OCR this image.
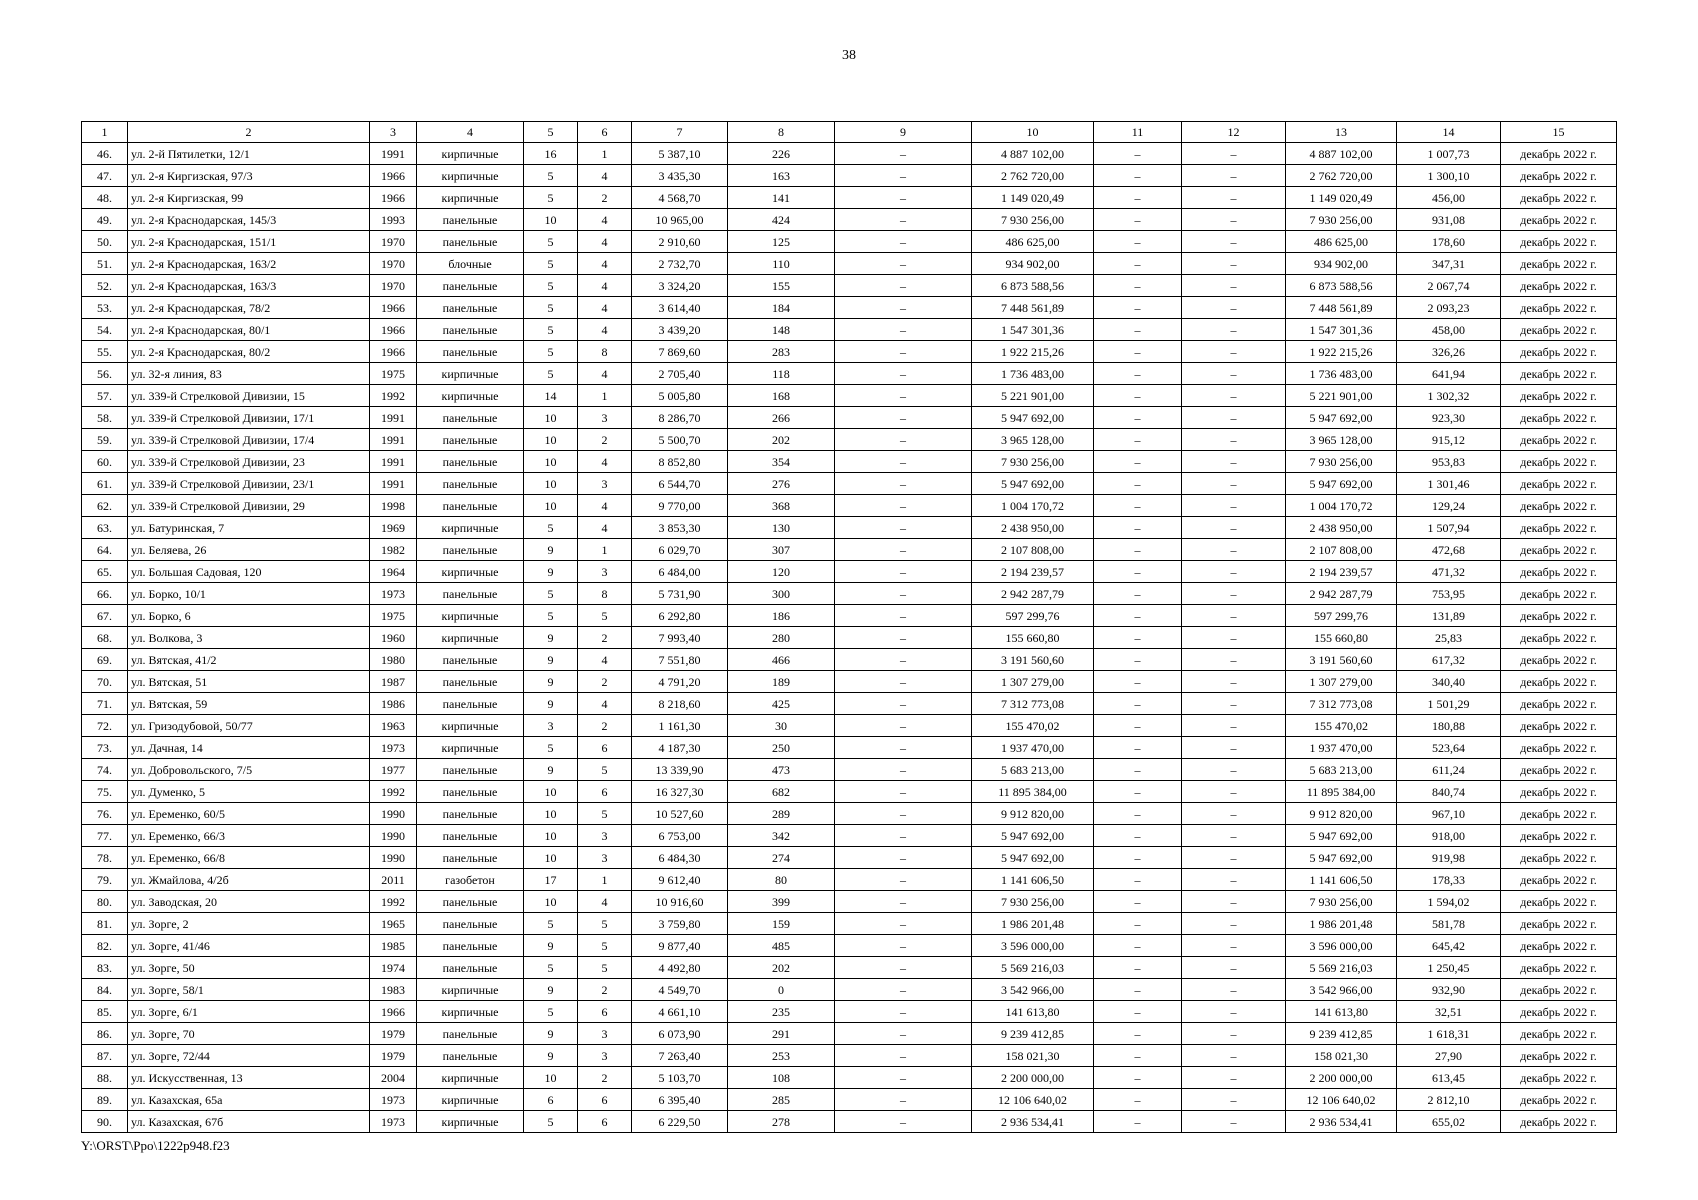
38
1	2	3	4	5	6	7	8	9	10	11	12	13	14	15
46.	ул. 2-й Пятилетки, 12/1	1991	кирпичные	16	1	5 387,10	226	–	4 887 102,00	–	–	4 887 102,00	1 007,73	декабрь 2022 г.
47.	ул. 2-я Киргизская, 97/3	1966	кирпичные	5	4	3 435,30	163	–	2 762 720,00	–	–	2 762 720,00	1 300,10	декабрь 2022 г.
48.	ул. 2-я Киргизская, 99	1966	кирпичные	5	2	4 568,70	141	–	1 149 020,49	–	–	1 149 020,49	456,00	декабрь 2022 г.
49.	ул. 2-я Краснодарская, 145/3	1993	панельные	10	4	10 965,00	424	–	7 930 256,00	–	–	7 930 256,00	931,08	декабрь 2022 г.
50.	ул. 2-я Краснодарская, 151/1	1970	панельные	5	4	2 910,60	125	–	486 625,00	–	–	486 625,00	178,60	декабрь 2022 г.
51.	ул. 2-я Краснодарская, 163/2	1970	блочные	5	4	2 732,70	110	–	934 902,00	–	–	934 902,00	347,31	декабрь 2022 г.
52.	ул. 2-я Краснодарская, 163/3	1970	панельные	5	4	3 324,20	155	–	6 873 588,56	–	–	6 873 588,56	2 067,74	декабрь 2022 г.
53.	ул. 2-я Краснодарская, 78/2	1966	панельные	5	4	3 614,40	184	–	7 448 561,89	–	–	7 448 561,89	2 093,23	декабрь 2022 г.
54.	ул. 2-я Краснодарская, 80/1	1966	панельные	5	4	3 439,20	148	–	1 547 301,36	–	–	1 547 301,36	458,00	декабрь 2022 г.
55.	ул. 2-я Краснодарская, 80/2	1966	панельные	5	8	7 869,60	283	–	1 922 215,26	–	–	1 922 215,26	326,26	декабрь 2022 г.
56.	ул. 32-я линия, 83	1975	кирпичные	5	4	2 705,40	118	–	1 736 483,00	–	–	1 736 483,00	641,94	декабрь 2022 г.
57.	ул. 339-й Стрелковой Дивизии, 15	1992	кирпичные	14	1	5 005,80	168	–	5 221 901,00	–	–	5 221 901,00	1 302,32	декабрь 2022 г.
58.	ул. 339-й Стрелковой Дивизии, 17/1	1991	панельные	10	3	8 286,70	266	–	5 947 692,00	–	–	5 947 692,00	923,30	декабрь 2022 г.
59.	ул. 339-й Стрелковой Дивизии, 17/4	1991	панельные	10	2	5 500,70	202	–	3 965 128,00	–	–	3 965 128,00	915,12	декабрь 2022 г.
60.	ул. 339-й Стрелковой Дивизии, 23	1991	панельные	10	4	8 852,80	354	–	7 930 256,00	–	–	7 930 256,00	953,83	декабрь 2022 г.
61.	ул. 339-й Стрелковой Дивизии, 23/1	1991	панельные	10	3	6 544,70	276	–	5 947 692,00	–	–	5 947 692,00	1 301,46	декабрь 2022 г.
62.	ул. 339-й Стрелковой Дивизии, 29	1998	панельные	10	4	9 770,00	368	–	1 004 170,72	–	–	1 004 170,72	129,24	декабрь 2022 г.
63.	ул. Батуринская, 7	1969	кирпичные	5	4	3 853,30	130	–	2 438 950,00	–	–	2 438 950,00	1 507,94	декабрь 2022 г.
64.	ул. Беляева, 26	1982	панельные	9	1	6 029,70	307	–	2 107 808,00	–	–	2 107 808,00	472,68	декабрь 2022 г.
65.	ул. Большая Садовая, 120	1964	кирпичные	9	3	6 484,00	120	–	2 194 239,57	–	–	2 194 239,57	471,32	декабрь 2022 г.
66.	ул. Борко, 10/1	1973	панельные	5	8	5 731,90	300	–	2 942 287,79	–	–	2 942 287,79	753,95	декабрь 2022 г.
67.	ул. Борко, 6	1975	кирпичные	5	5	6 292,80	186	–	597 299,76	–	–	597 299,76	131,89	декабрь 2022 г.
68.	ул. Волкова, 3	1960	кирпичные	9	2	7 993,40	280	–	155 660,80	–	–	155 660,80	25,83	декабрь 2022 г.
69.	ул. Вятская, 41/2	1980	панельные	9	4	7 551,80	466	–	3 191 560,60	–	–	3 191 560,60	617,32	декабрь 2022 г.
70.	ул. Вятская, 51	1987	панельные	9	2	4 791,20	189	–	1 307 279,00	–	–	1 307 279,00	340,40	декабрь 2022 г.
71.	ул. Вятская, 59	1986	панельные	9	4	8 218,60	425	–	7 312 773,08	–	–	7 312 773,08	1 501,29	декабрь 2022 г.
72.	ул. Гризодубовой, 50/77	1963	кирпичные	3	2	1 161,30	30	–	155 470,02	–	–	155 470,02	180,88	декабрь 2022 г.
73.	ул. Дачная, 14	1973	кирпичные	5	6	4 187,30	250	–	1 937 470,00	–	–	1 937 470,00	523,64	декабрь 2022 г.
74.	ул. Добровольского, 7/5	1977	панельные	9	5	13 339,90	473	–	5 683 213,00	–	–	5 683 213,00	611,24	декабрь 2022 г.
75.	ул. Думенко, 5	1992	панельные	10	6	16 327,30	682	–	11 895 384,00	–	–	11 895 384,00	840,74	декабрь 2022 г.
76.	ул. Еременко, 60/5	1990	панельные	10	5	10 527,60	289	–	9 912 820,00	–	–	9 912 820,00	967,10	декабрь 2022 г.
77.	ул. Еременко, 66/3	1990	панельные	10	3	6 753,00	342	–	5 947 692,00	–	–	5 947 692,00	918,00	декабрь 2022 г.
78.	ул. Еременко, 66/8	1990	панельные	10	3	6 484,30	274	–	5 947 692,00	–	–	5 947 692,00	919,98	декабрь 2022 г.
79.	ул. Жмайлова, 4/2б	2011	газобетон	17	1	9 612,40	80	–	1 141 606,50	–	–	1 141 606,50	178,33	декабрь 2022 г.
80.	ул. Заводская, 20	1992	панельные	10	4	10 916,60	399	–	7 930 256,00	–	–	7 930 256,00	1 594,02	декабрь 2022 г.
81.	ул. Зорге, 2	1965	панельные	5	5	3 759,80	159	–	1 986 201,48	–	–	1 986 201,48	581,78	декабрь 2022 г.
82.	ул. Зорге, 41/46	1985	панельные	9	5	9 877,40	485	–	3 596 000,00	–	–	3 596 000,00	645,42	декабрь 2022 г.
83.	ул. Зорге, 50	1974	панельные	5	5	4 492,80	202	–	5 569 216,03	–	–	5 569 216,03	1 250,45	декабрь 2022 г.
84.	ул. Зорге, 58/1	1983	кирпичные	9	2	4 549,70	0	–	3 542 966,00	–	–	3 542 966,00	932,90	декабрь 2022 г.
85.	ул. Зорге, 6/1	1966	кирпичные	5	6	4 661,10	235	–	141 613,80	–	–	141 613,80	32,51	декабрь 2022 г.
86.	ул. Зорге, 70	1979	панельные	9	3	6 073,90	291	–	9 239 412,85	–	–	9 239 412,85	1 618,31	декабрь 2022 г.
87.	ул. Зорге, 72/44	1979	панельные	9	3	7 263,40	253	–	158 021,30	–	–	158 021,30	27,90	декабрь 2022 г.
88.	ул. Искусственная, 13	2004	кирпичные	10	2	5 103,70	108	–	2 200 000,00	–	–	2 200 000,00	613,45	декабрь 2022 г.
89.	ул. Казахская, 65а	1973	кирпичные	6	6	6 395,40	285	–	12 106 640,02	–	–	12 106 640,02	2 812,10	декабрь 2022 г.
90.	ул. Казахская, 67б	1973	кирпичные	5	6	6 229,50	278	–	2 936 534,41	–	–	2 936 534,41	655,02	декабрь 2022 г.
Y:\ORST\Ppo\1222p948.f23
